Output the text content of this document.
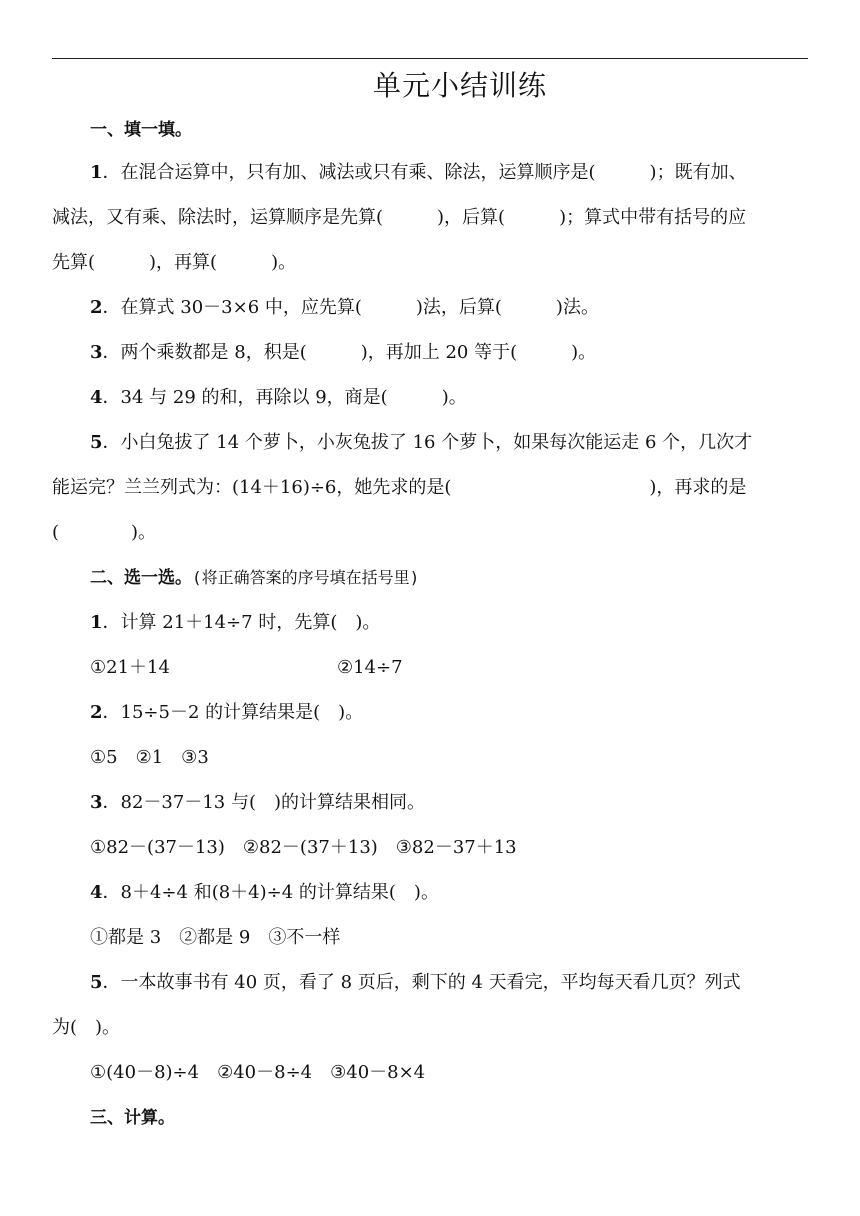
单元小结训练
一、填一填。
1．在混合运算中，只有加、减法或只有乘、除法，运算顺序是(　　　)；既有加、
减法，又有乘、除法时，运算顺序是先算(　　　)，后算(　　　)；算式中带有括号的应
先算(　　　)，再算(　　　)。
2．在算式 30－3×6 中，应先算(　　　)法，后算(　　　)法。
3．两个乘数都是 8，积是(　　　)，再加上 20 等于(　　　)。
4．34 与 29 的和，再除以 9，商是(　　　)。
5．小白兔拔了 14 个萝卜，小灰兔拔了 16 个萝卜，如果每次能运走 6 个，几次才
能运完？兰兰列式为：(14＋16)÷6，她先求的是(　　　　　　　　　　　)，再求的是
(　　　　)。
二、选一选。(将正确答案的序号填在括号里)
1．计算 21＋14÷7 时，先算(　)。
①21＋14	②14÷7
2．15÷5－2 的计算结果是(　)。
①5　②1　③3
3．82－37－13 与(　)的计算结果相同。
①82－(37－13)　②82－(37＋13)　③82－37＋13
4．8＋4÷4 和(8＋4)÷4 的计算结果(　)。
①都是 3　②都是 9　③不一样
5．一本故事书有 40 页，看了 8 页后，剩下的 4 天看完，平均每天看几页？列式
为(　)。
①(40－8)÷4　②40－8÷4　③40－8×4
三、计算。
